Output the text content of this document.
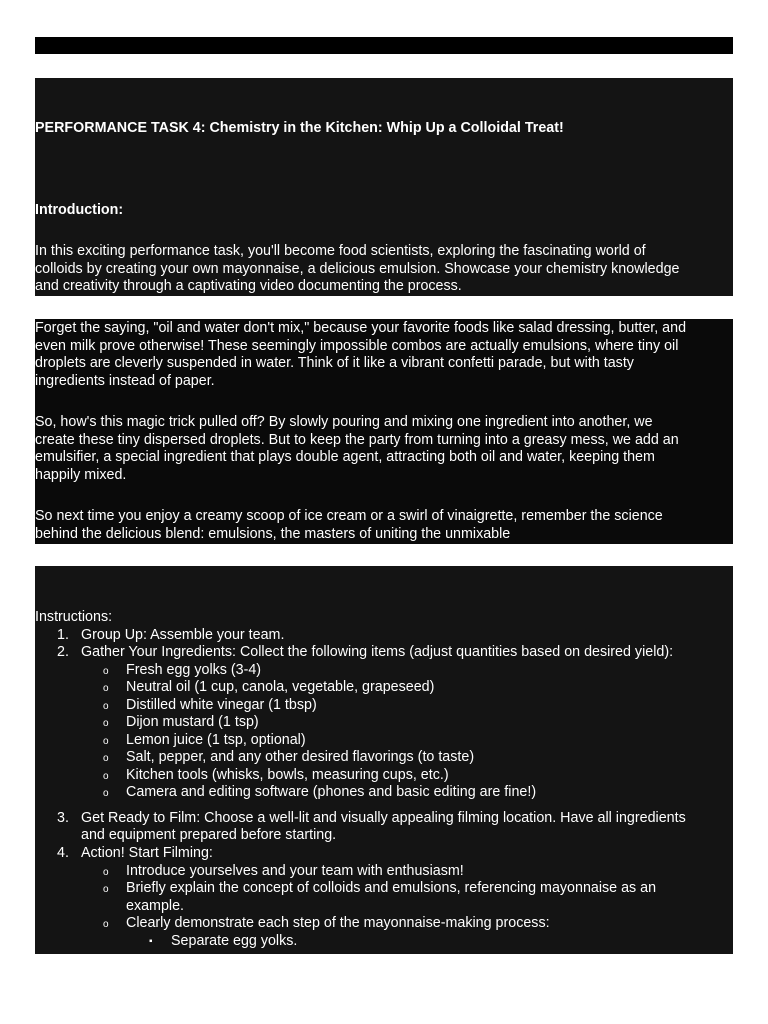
PERFORMANCE TASK 4: Chemistry in the Kitchen: Whip Up a Colloidal Treat!
Introduction:
In this exciting performance task, you'll become food scientists, exploring the fascinating world of
colloids by creating your own mayonnaise, a delicious emulsion. Showcase your chemistry knowledge
and creativity through a captivating video documenting the process.
Forget the saying, "oil and water don't mix," because your favorite foods like salad dressing, butter, and
even milk prove otherwise! These seemingly impossible combos are actually emulsions, where tiny oil
droplets are cleverly suspended in water. Think of it like a vibrant confetti parade, but with tasty
ingredients instead of paper.
So, how's this magic trick pulled off? By slowly pouring and mixing one ingredient into another, we
create these tiny dispersed droplets. But to keep the party from turning into a greasy mess, we add an
emulsifier, a special ingredient that plays double agent, attracting both oil and water, keeping them
happily mixed.
So next time you enjoy a creamy scoop of ice cream or a swirl of vinaigrette, remember the science
behind the delicious blend: emulsions, the masters of uniting the unmixable
Instructions:
1. Group Up: Assemble your team.
2. Gather Your Ingredients: Collect the following items (adjust quantities based on desired yield):
o Fresh egg yolks (3-4)
o Neutral oil (1 cup, canola, vegetable, grapeseed)
o Distilled white vinegar (1 tbsp)
o Dijon mustard (1 tsp)
o Lemon juice (1 tsp, optional)
o Salt, pepper, and any other desired flavorings (to taste)
o Kitchen tools (whisks, bowls, measuring cups, etc.)
o Camera and editing software (phones and basic editing are fine!)
3. Get Ready to Film: Choose a well-lit and visually appealing filming location. Have all ingredients
and equipment prepared before starting.
4. Action! Start Filming:
o Introduce yourselves and your team with enthusiasm!
o Briefly explain the concept of colloids and emulsions, referencing mayonnaise as an
example.
o Clearly demonstrate each step of the mayonnaise-making process:
▪ Separate egg yolks.
